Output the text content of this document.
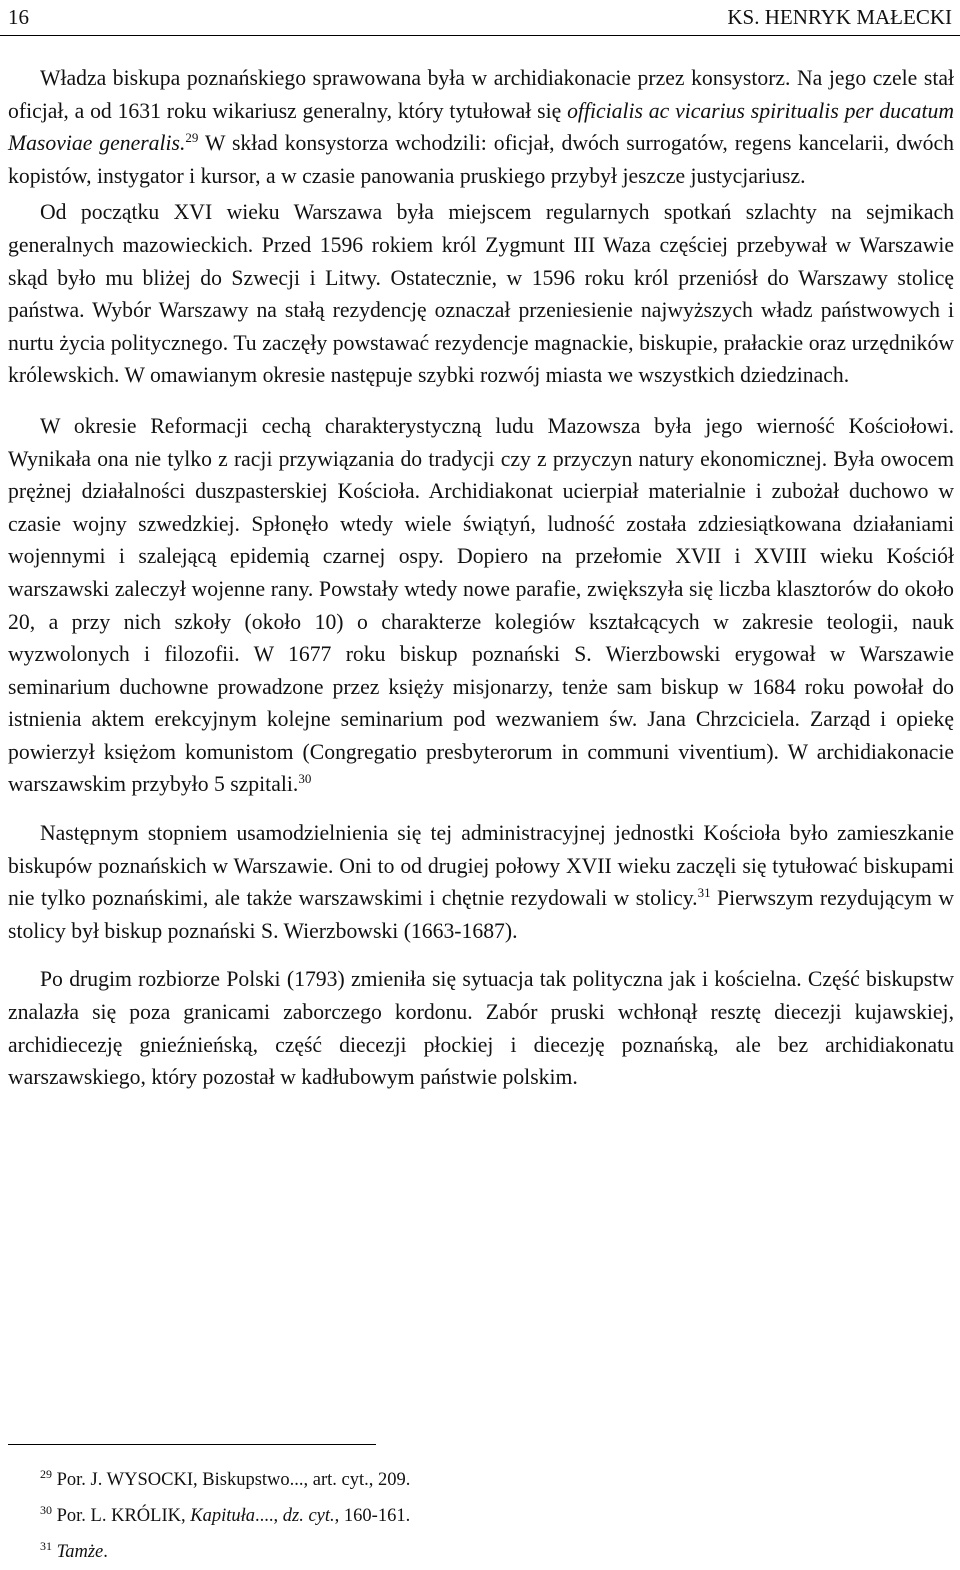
16	KS. HENRYK MAŁECKI

Władza biskupa poznańskiego sprawowana była w archidiakonacie przez konsystorz. Na jego czele stał oficjał, a od 1631 roku wikariusz generalny, który tytułował się officialis ac vicarius spiritualis per ducatum Masoviae generalis.$^{29}$ W skład konsystorza wchodzili: oficjał, dwóch surrogatów, regens kancelarii, dwóch kopistów, instygator i kursor, a w czasie panowania pruskiego przybył jeszcze justycjariusz.

Od początku XVI wieku Warszawa była miejscem regularnych spotkań szlachty na sejmikach generalnych mazowieckich. Przed 1596 rokiem król Zygmunt III Waza częściej przebywał w Warszawie skąd było mu bliżej do Szwecji i Litwy. Ostatecznie, w 1596 roku król przeniósł do Warszawy stolicę państwa. Wybór Warszawy na stałą rezydencję oznaczał przeniesienie najwyższych władz państwowych i nurtu życia politycznego. Tu zaczęły powstawać rezydencje magnackie, biskupie, prałackie oraz urzędników królewskich. W omawianym okresie następuje szybki rozwój miasta we wszystkich dziedzinach.

W okresie Reformacji cechą charakterystyczną ludu Mazowsza była jego wierność Kościołowi. Wynikała ona nie tylko z racji przywiązania do tradycji czy z przyczyn natury ekonomicznej. Była owocem prężnej działalności duszpasterskiej Kościoła. Archidiakonat ucierpiał materialnie i zubożał duchowo w czasie wojny szwedzkiej. Spłonęło wtedy wiele świątyń, ludność została zdziesiątkowana działaniami wojennymi i szalejącą epidemią czarnej ospy. Dopiero na przełomie XVII i XVIII wieku Kościół warszawski zaleczył wojenne rany. Powstały wtedy nowe parafie, zwiększyła się liczba klasztorów do około 20, a przy nich szkoły (około 10) o charakterze kolegiów kształcących w zakresie teologii, nauk wyzwolonych i filozofii. W 1677 roku biskup poznański S. Wierzbowski erygował w Warszawie seminarium duchowne prowadzone przez księży misjonarzy, tenże sam biskup w 1684 roku powołał do istnienia aktem erekcyjnym kolejne seminarium pod wezwaniem św. Jana Chrzciciela. Zarząd i opiekę powierzył księżom komunistom (Congregatio presbyterorum in communi viventium). W archidiakonacie warszawskim przybyło 5 szpitali.$^{30}$

Następnym stopniem usamodzielnienia się tej administracyjnej jednostki Kościoła było zamieszkanie biskupów poznańskich w Warszawie. Oni to od drugiej połowy XVII wieku zaczęli się tytułować biskupami nie tylko poznańskimi, ale także warszawskimi i chętnie rezydowali w stolicy.$^{31}$ Pierwszym rezydującym w stolicy był biskup poznański S. Wierzbowski (1663-1687).

Po drugim rozbiorze Polski (1793) zmieniła się sytuacja tak polityczna jak i kościelna. Część biskupstw znalazła się poza granicami zaborczego kordonu. Zabór pruski wchłonął resztę diecezji kujawskiej, archidiecezję gnieźnieńską, część diecezji płockiej i diecezję poznańską, ale bez archidiakonatu warszawskiego, który pozostał w kadłubowym państwie polskim.

$^{29}$ Por. J. WYSOCKI, Biskupstwo..., art. cyt., 209.
$^{30}$ Por. L. KRÓLIK, Kapituła...., dz. cyt., 160-161.
$^{31}$ Tamże.
